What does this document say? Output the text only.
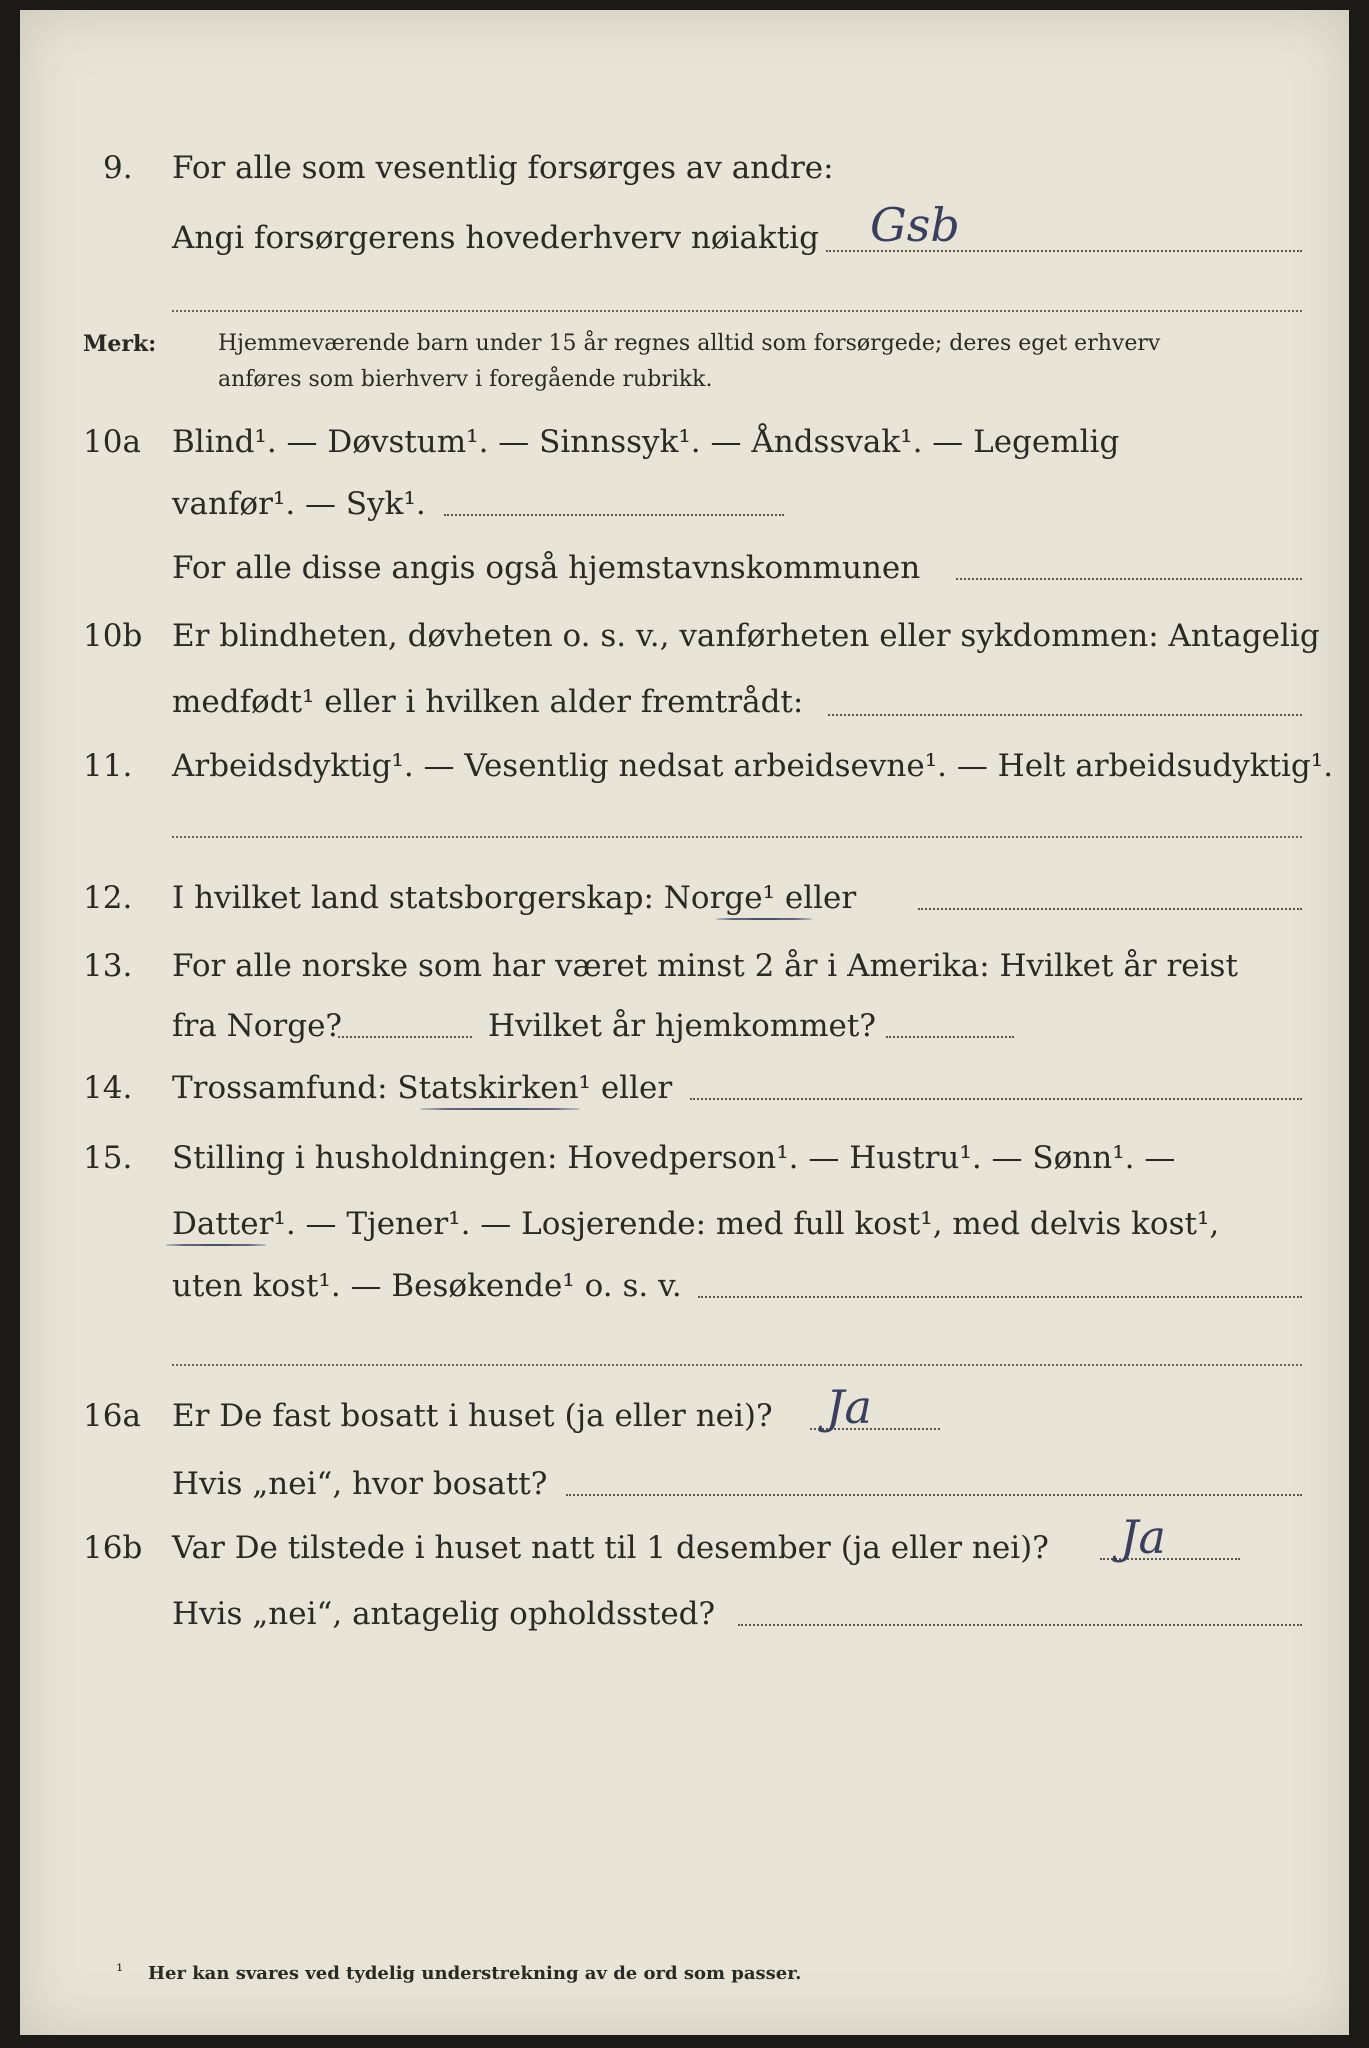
9. For alle som vesentlig forsørges av andre:
Angi forsørgerens hovederhverv nøiaktig Gsb
Merk:	Hjemmeværende barn under 15 år regnes alltid som forsørgede; deres eget erhverv
anføres som bierhverv i foregående rubrikk.
10a Blind¹. — Døvstum¹. — Sinnssyk¹. — Åndssvak¹. — Legemlig
vanfør¹. — Syk¹.
For alle disse angis også hjemstavnskommunen
10b Er blindheten, døvheten o. s. v., vanførheten eller sykdommen: Antagelig
medfødt¹ eller i hvilken alder fremtrådt:
11. Arbeidsdyktig¹. — Vesentlig nedsat arbeidsevne¹. — Helt arbeidsudyktig¹.
12. I hvilket land statsborgerskap: Norge¹ eller
13. For alle norske som har været minst 2 år i Amerika: Hvilket år reist
fra Norge?	Hvilket år hjemkommet?
14. Trossamfund: Statskirken¹ eller
15. Stilling i husholdningen: Hovedperson¹. — Hustru¹. — Sønn¹. —
Datter¹. — Tjener¹. — Losjerende: med full kost¹, med delvis kost¹,
uten kost¹. — Besøkende¹ o. s. v.
16a Er De fast bosatt i huset (ja eller nei)? Ja
Hvis „nei“, hvor bosatt?
16b Var De tilstede i huset natt til 1 desember (ja eller nei)? Ja
Hvis „nei“, antagelig opholdssted?
¹ Her kan svares ved tydelig understrekning av de ord som passer.
